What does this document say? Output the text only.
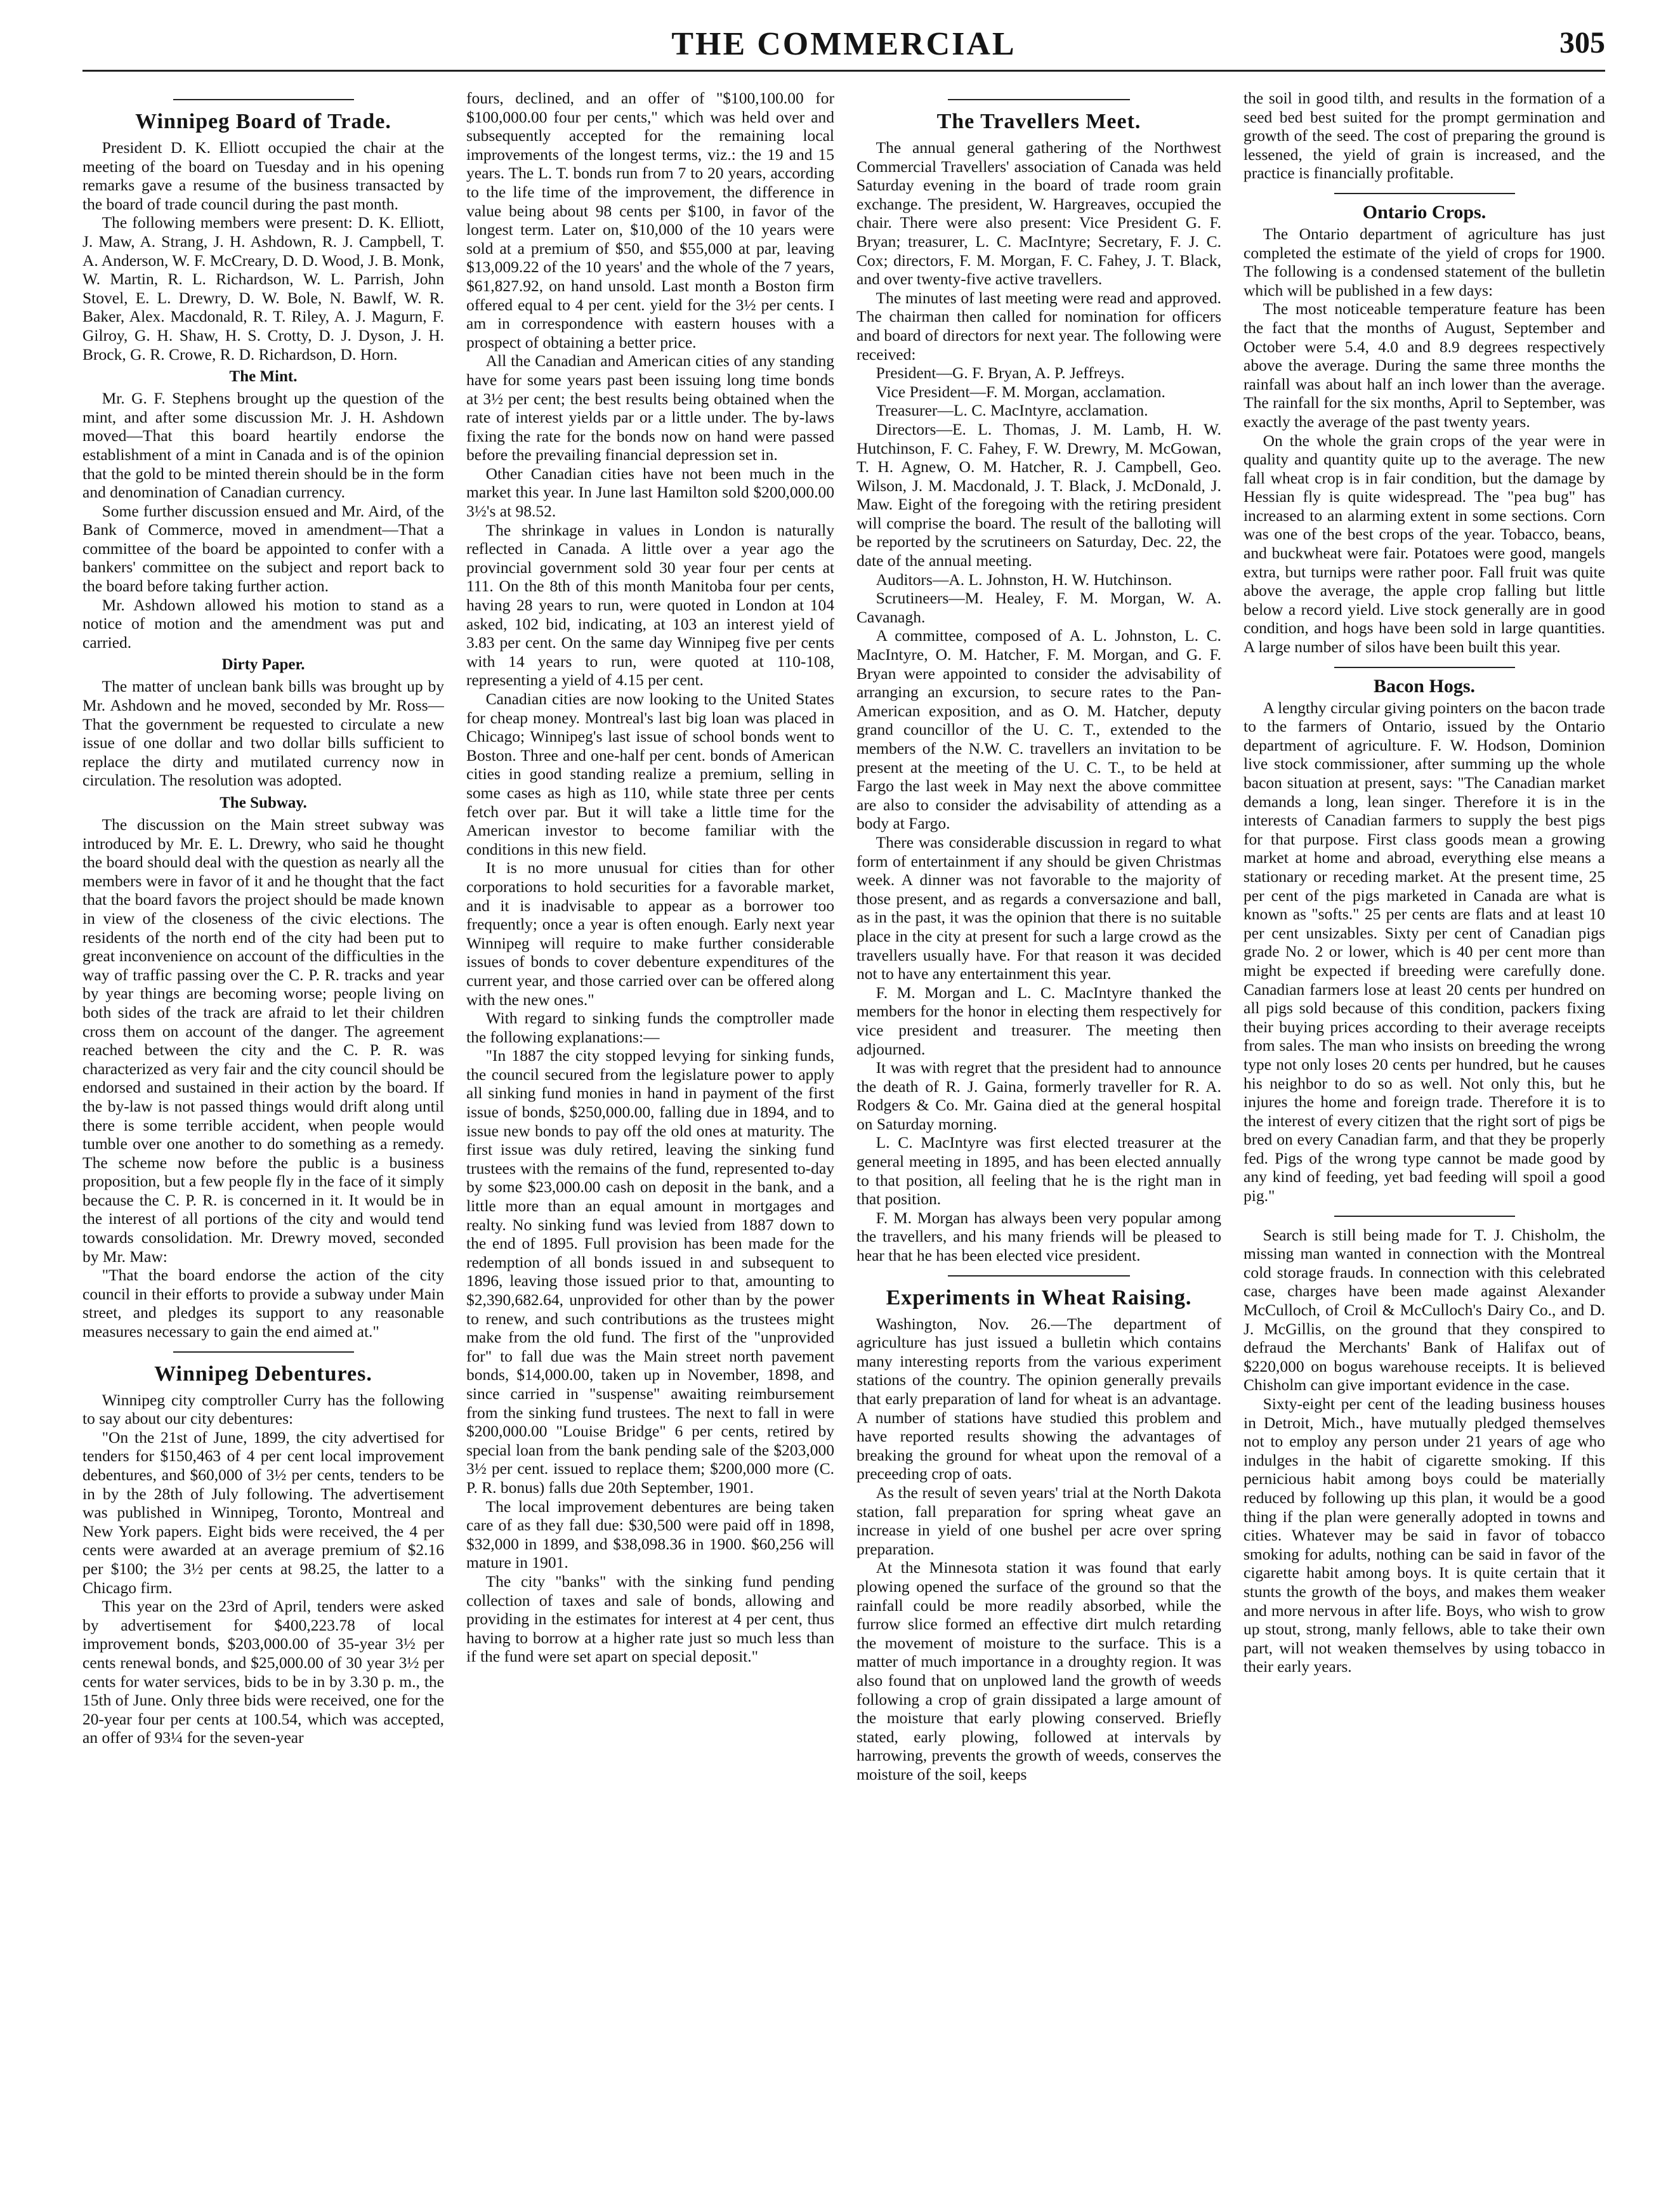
THE COMMERCIAL	305
Winnipeg Board of Trade.

President D. K. Elliott occupied the chair at the meeting of the board on Tuesday and in his opening remarks gave a resume of the business transacted by the board of trade council during the past month.

The following members were present: D. K. Elliott, J. Maw, A. Strang, J. H. Ashdown, R. J. Campbell, T. A. Anderson, W. F. McCreary, D. D. Wood, J. B. Monk, W. Martin, R. L. Richardson, W. L. Parrish, John Stovel, E. L. Drewry, D. W. Bole, N. Bawlf, W. R. Baker, Alex. Macdonald, R. T. Riley, A. J. Magurn, F. Gilroy, G. H. Shaw, H. S. Crotty, D. J. Dyson, J. H. Brock, G. R. Crowe, R. D. Richardson, D. Horn.

The Mint.

Mr. G. F. Stephens brought up the question of the mint, and after some discussion Mr. J. H. Ashdown moved—That this board heartily endorse the establishment of a mint in Canada and is of the opinion that the gold to be minted therein should be in the form and denomination of Canadian currency.

Some further discussion ensued and Mr. Aird, of the Bank of Commerce, moved in amendment—That a committee of the board be appointed to confer with a bankers' committee on the subject and report back to the board before taking further action.

Mr. Ashdown allowed his motion to stand as a notice of motion and the amendment was put and carried.

Dirty Paper.

The matter of unclean bank bills was brought up by Mr. Ashdown and he moved, seconded by Mr. Ross—That the government be requested to circulate a new issue of one dollar and two dollar bills sufficient to replace the dirty and mutilated currency now in circulation. The resolution was adopted.

The Subway.

The discussion on the Main street subway was introduced by Mr. E. L. Drewry, who said he thought the board should deal with the question as nearly all the members were in favor of it and he thought that the fact that the board favors the project should be made known in view of the closeness of the civic elections. The residents of the north end of the city had been put to great inconvenience on account of the difficulties in the way of traffic passing over the C. P. R. tracks and year by year things are becoming worse; people living on both sides of the track are afraid to let their children cross them on account of the danger. The agreement reached between the city and the C. P. R. was characterized as very fair and the city council should be endorsed and sustained in their action by the board. If the by-law is not passed things would drift along until there is some terrible accident, when people would tumble over one another to do something as a remedy. The scheme now before the public is a business proposition, but a few people fly in the face of it simply because the C. P. R. is concerned in it. It would be in the interest of all portions of the city and would tend towards consolidation. Mr. Drewry moved, seconded by Mr. Maw:

"That the board endorse the action of the city council in their efforts to provide a subway under Main street, and pledges its support to any reasonable measures necessary to gain the end aimed at."

Winnipeg Debentures.

Winnipeg city comptroller Curry has the following to say about our city debentures:

"On the 21st of June, 1899, the city advertised for tenders for $150,463 of 4 per cent local improvement debentures, and $60,000 of 3½ per cents, tenders to be in by the 28th of July following. The advertisement was published in Winnipeg, Toronto, Montreal and New York papers. Eight bids were received, the 4 per cents were awarded at an average premium of $2.16 per $100; the 3½ per cents at 98.25, the latter to a Chicago firm.

This year on the 23rd of April, tenders were asked by advertisement for $400,223.78 of local improvement bonds, $203,000.00 of 35-year 3½ per cents renewal bonds, and $25,000.00 of 30 year 3½ per cents for water services, bids to be in by 3.30 p. m., the 15th of June. Only three bids were received, one for the 20-year four per cents at 100.54, which was accepted, an offer of 93¼ for the seven-year

fours, declined, and an offer of "$100,100.00 for $100,000.00 four per cents," which was held over and subsequently accepted for the remaining local improvements of the longest terms, viz.: the 19 and 15 years. The L. T. bonds run from 7 to 20 years, according to the life time of the improvement, the difference in value being about 98 cents per $100, in favor of the longest term. Later on, $10,000 of the 10 years were sold at a premium of $50, and $55,000 at par, leaving $13,009.22 of the 10 years' and the whole of the 7 years, $61,827.92, on hand unsold. Last month a Boston firm offered equal to 4 per cent. yield for the 3½ per cents. I am in correspondence with eastern houses with a prospect of obtaining a better price.

All the Canadian and American cities of any standing have for some years past been issuing long time bonds at 3½ per cent; the best results being obtained when the rate of interest yields par or a little under. The by-laws fixing the rate for the bonds now on hand were passed before the prevailing financial depression set in.

Other Canadian cities have not been much in the market this year. In June last Hamilton sold $200,000.00 3½'s at 98.52.

The shrinkage in values in London is naturally reflected in Canada. A little over a year ago the provincial government sold 30 year four per cents at 111. On the 8th of this month Manitoba four per cents, having 28 years to run, were quoted in London at 104 asked, 102 bid, indicating, at 103 an interest yield of 3.83 per cent. On the same day Winnipeg five per cents with 14 years to run, were quoted at 110-108, representing a yield of 4.15 per cent.

Canadian cities are now looking to the United States for cheap money. Montreal's last big loan was placed in Chicago; Winnipeg's last issue of school bonds went to Boston. Three and one-half per cent. bonds of American cities in good standing realize a premium, selling in some cases as high as 110, while state three per cents fetch over par. But it will take a little time for the American investor to become familiar with the conditions in this new field.

It is no more unusual for cities than for other corporations to hold securities for a favorable market, and it is inadvisable to appear as a borrower too frequently; once a year is often enough. Early next year Winnipeg will require to make further considerable issues of bonds to cover debenture expenditures of the current year, and those carried over can be offered along with the new ones."

With regard to sinking funds the comptroller made the following explanations:—

"In 1887 the city stopped levying for sinking funds, the council secured from the legislature power to apply all sinking fund monies in hand in payment of the first issue of bonds, $250,000.00, falling due in 1894, and to issue new bonds to pay off the old ones at maturity. The first issue was duly retired, leaving the sinking fund trustees with the remains of the fund, represented to-day by some $23,000.00 cash on deposit in the bank, and a little more than an equal amount in mortgages and realty. No sinking fund was levied from 1887 down to the end of 1895. Full provision has been made for the redemption of all bonds issued in and subsequent to 1896, leaving those issued prior to that, amounting to $2,390,682.64, unprovided for other than by the power to renew, and such contributions as the trustees might make from the old fund. The first of the "unprovided for" to fall due was the Main street north pavement bonds, $14,000.00, taken up in November, 1898, and since carried in "suspense" awaiting reimbursement from the sinking fund trustees. The next to fall in were $200,000.00 "Louise Bridge" 6 per cents, retired by special loan from the bank pending sale of the $203,000 3½ per cent. issued to replace them; $200,000 more (C. P. R. bonus) falls due 20th September, 1901.

The local improvement debentures are being taken care of as they fall due: $30,500 were paid off in 1898, $32,000 in 1899, and $38,098.36 in 1900. $60,256 will mature in 1901.

The city "banks" with the sinking fund pending collection of taxes and sale of bonds, allowing and providing in the estimates for interest at 4 per cent, thus having to borrow at a higher rate just so much less than if the fund were set apart on special deposit."

The Travellers Meet.

The annual general gathering of the Northwest Commercial Travellers' association of Canada was held Saturday evening in the board of trade room grain exchange. The president, W. Hargreaves, occupied the chair. There were also present: Vice President G. F. Bryan; treasurer, L. C. MacIntyre; Secretary, F. J. C. Cox; directors, F. M. Morgan, F. C. Fahey, J. T. Black, and over twenty-five active travellers.

The minutes of last meeting were read and approved. The chairman then called for nomination for officers and board of directors for next year. The following were received:

President—G. F. Bryan, A. P. Jeffreys.

Vice President—F. M. Morgan, acclamation.

Treasurer—L. C. MacIntyre, acclamation.

Directors—E. L. Thomas, J. M. Lamb, H. W. Hutchinson, F. C. Fahey, F. W. Drewry, M. McGowan, T. H. Agnew, O. M. Hatcher, R. J. Campbell, Geo. Wilson, J. M. Macdonald, J. T. Black, J. McDonald, J. Maw. Eight of the foregoing with the retiring president will comprise the board. The result of the balloting will be reported by the scrutineers on Saturday, Dec. 22, the date of the annual meeting.

Auditors—A. L. Johnston, H. W. Hutchinson.

Scrutineers—M. Healey, F. M. Morgan, W. A. Cavanagh.

A committee, composed of A. L. Johnston, L. C. MacIntyre, O. M. Hatcher, F. M. Morgan, and G. F. Bryan were appointed to consider the advisability of arranging an excursion, to secure rates to the Pan-American exposition, and as O. M. Hatcher, deputy grand councillor of the U. C. T., extended to the members of the N.W. C. travellers an invitation to be present at the meeting of the U. C. T., to be held at Fargo the last week in May next the above committee are also to consider the advisability of attending as a body at Fargo.

There was considerable discussion in regard to what form of entertainment if any should be given Christmas week. A dinner was not favorable to the majority of those present, and as regards a conversazione and ball, as in the past, it was the opinion that there is no suitable place in the city at present for such a large crowd as the travellers usually have. For that reason it was decided not to have any entertainment this year.

F. M. Morgan and L. C. MacIntyre thanked the members for the honor in electing them respectively for vice president and treasurer. The meeting then adjourned.

It was with regret that the president had to announce the death of R. J. Gaina, formerly traveller for R. A. Rodgers & Co. Mr. Gaina died at the general hospital on Saturday morning.

L. C. MacIntyre was first elected treasurer at the general meeting in 1895, and has been elected annually to that position, all feeling that he is the right man in that position.

F. M. Morgan has always been very popular among the travellers, and his many friends will be pleased to hear that he has been elected vice president.

Experiments in Wheat Raising.

Washington, Nov. 26.—The department of agriculture has just issued a bulletin which contains many interesting reports from the various experiment stations of the country. The opinion generally prevails that early preparation of land for wheat is an advantage. A number of stations have studied this problem and have reported results showing the advantages of breaking the ground for wheat upon the removal of a preceeding crop of oats.

As the result of seven years' trial at the North Dakota station, fall preparation for spring wheat gave an increase in yield of one bushel per acre over spring preparation.

At the Minnesota station it was found that early plowing opened the surface of the ground so that the rainfall could be more readily absorbed, while the furrow slice formed an effective dirt mulch retarding the movement of moisture to the surface. This is a matter of much importance in a droughty region. It was also found that on unplowed land the growth of weeds following a crop of grain dissipated a large amount of the moisture that early plowing conserved. Briefly stated, early plowing, followed at intervals by harrowing, prevents the growth of weeds, conserves the moisture of the soil, keeps

the soil in good tilth, and results in the formation of a seed bed best suited for the prompt germination and growth of the seed. The cost of preparing the ground is lessened, the yield of grain is increased, and the practice is financially profitable.

Ontario Crops.

The Ontario department of agriculture has just completed the estimate of the yield of crops for 1900. The following is a condensed statement of the bulletin which will be published in a few days:

The most noticeable temperature feature has been the fact that the months of August, September and October were 5.4, 4.0 and 8.9 degrees respectively above the average. During the same three months the rainfall was about half an inch lower than the average. The rainfall for the six months, April to September, was exactly the average of the past twenty years.

On the whole the grain crops of the year were in quality and quantity quite up to the average. The new fall wheat crop is in fair condition, but the damage by Hessian fly is quite widespread. The "pea bug" has increased to an alarming extent in some sections. Corn was one of the best crops of the year. Tobacco, beans, and buckwheat were fair. Potatoes were good, mangels extra, but turnips were rather poor. Fall fruit was quite above the average, the apple crop falling but little below a record yield. Live stock generally are in good condition, and hogs have been sold in large quantities. A large number of silos have been built this year.

Bacon Hogs.

A lengthy circular giving pointers on the bacon trade to the farmers of Ontario, issued by the Ontario department of agriculture. F. W. Hodson, Dominion live stock commissioner, after summing up the whole bacon situation at present, says: "The Canadian market demands a long, lean singer. Therefore it is in the interests of Canadian farmers to supply the best pigs for that purpose. First class goods mean a growing market at home and abroad, everything else means a stationary or receding market. At the present time, 25 per cent of the pigs marketed in Canada are what is known as "softs." 25 per cents are flats and at least 10 per cent unsizables. Sixty per cent of Canadian pigs grade No. 2 or lower, which is 40 per cent more than might be expected if breeding were carefully done. Canadian farmers lose at least 20 cents per hundred on all pigs sold because of this condition, packers fixing their buying prices according to their average receipts from sales. The man who insists on breeding the wrong type not only loses 20 cents per hundred, but he causes his neighbor to do so as well. Not only this, but he injures the home and foreign trade. Therefore it is to the interest of every citizen that the right sort of pigs be bred on every Canadian farm, and that they be properly fed. Pigs of the wrong type cannot be made good by any kind of feeding, yet bad feeding will spoil a good pig."

Search is still being made for T. J. Chisholm, the missing man wanted in connection with the Montreal cold storage frauds. In connection with this celebrated case, charges have been made against Alexander McCulloch, of Croil & McCulloch's Dairy Co., and D. J. McGillis, on the ground that they conspired to defraud the Merchants' Bank of Halifax out of $220,000 on bogus warehouse receipts. It is believed Chisholm can give important evidence in the case.

Sixty-eight per cent of the leading business houses in Detroit, Mich., have mutually pledged themselves not to employ any person under 21 years of age who indulges in the habit of cigarette smoking. If this pernicious habit among boys could be materially reduced by following up this plan, it would be a good thing if the plan were generally adopted in towns and cities. Whatever may be said in favor of tobacco smoking for adults, nothing can be said in favor of the cigarette habit among boys. It is quite certain that it stunts the growth of the boys, and makes them weaker and more nervous in after life. Boys, who wish to grow up stout, strong, manly fellows, able to take their own part, will not weaken themselves by using tobacco in their early years.
